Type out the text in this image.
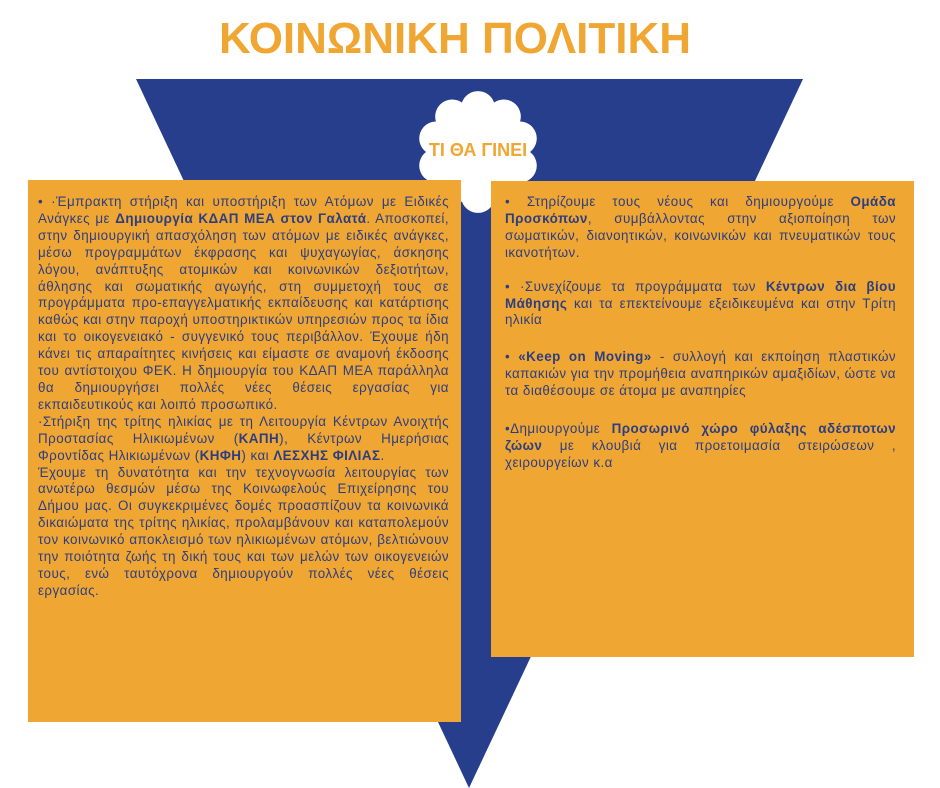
ΚΟΙΝΩΝΙΚΗ ΠΟΛΙΤΙΚΗ
ΤΙ ΘΑ ΓΙΝΕΙ

• ·Έμπρακτη στήριξη και υποστήριξη των Ατόμων με Ειδικές Ανάγκες με Δημιουργία ΚΔΑΠ ΜΕΑ στον Γαλατά. Αποσκοπεί, στην δημιουργική απασχόληση των ατόμων με ειδικές ανάγκες, μέσω προγραμμάτων έκφρασης και ψυχαγωγίας, άσκησης λόγου, ανάπτυξης ατομικών και κοινωνικών δεξιοτήτων, άθλησης και σωματικής αγωγής, στη συμμετοχή τους σε προγράμματα προ-επαγγελματικής εκπαίδευσης και κατάρτισης καθώς και στην παροχή υποστηρικτικών υπηρεσιών προς τα ίδια και το οικογενειακό - συγγενικό τους περιβάλλον. Έχουμε ήδη κάνει τις απαραίτητες κινήσεις και είμαστε σε αναμονή έκδοσης του αντίστοιχου ΦΕΚ. Η δημιουργία του ΚΔΑΠ ΜΕΑ παράλληλα θα δημιουργήσει πολλές νέες θέσεις εργασίας για εκπαιδευτικούς και λοιπό προσωπικό.

·Στήριξη της τρίτης ηλικίας με τη Λειτουργία Κέντρων Ανοιχτής Προστασίας Ηλικιωμένων (ΚΑΠΗ), Κέντρων Ημερήσιας Φροντίδας Ηλικιωμένων (ΚΗΦΗ) και ΛΕΣΧΗΣ ΦΙΛΙΑΣ.

Έχουμε τη δυνατότητα και την τεχνογνωσία λειτουργίας των ανωτέρω θεσμών μέσω της Κοινωφελούς Επιχείρησης του Δήμου μας. Οι συγκεκριμένες δομές προασπίζουν τα κοινωνικά δικαιώματα της τρίτης ηλικίας, προλαμβάνουν και καταπολεμούν τον κοινωνικό αποκλεισμό των ηλικιωμένων ατόμων, βελτιώνουν την ποιότητα ζωής τη δική τους και των μελών των οικογενειών τους, ενώ ταυτόχρονα δημιουργούν πολλές νέες θέσεις εργασίας.

• Στηρίζουμε τους νέους και δημιουργούμε Ομάδα Προσκόπων, συμβάλλοντας στην αξιοποίηση των σωματικών, διανοητικών, κοινωνικών και πνευματικών τους ικανοτήτων.

• ·Συνεχίζουμε τα προγράμματα των Κέντρων δια βίου Μάθησης και τα επεκτείνουμε εξειδικευμένα και στην Τρίτη ηλικία

• «Keep on Moving» - συλλογή και εκποίηση πλαστικών καπακιών για την προμήθεια αναπηρικών αμαξιδίων, ώστε να τα διαθέσουμε σε άτομα με αναπηρίες

•Δημιουργούμε Προσωρινό χώρο φύλαξης αδέσποτων ζώων με κλουβιά για προετοιμασία στειρώσεων , χειρουργείων κ.α
